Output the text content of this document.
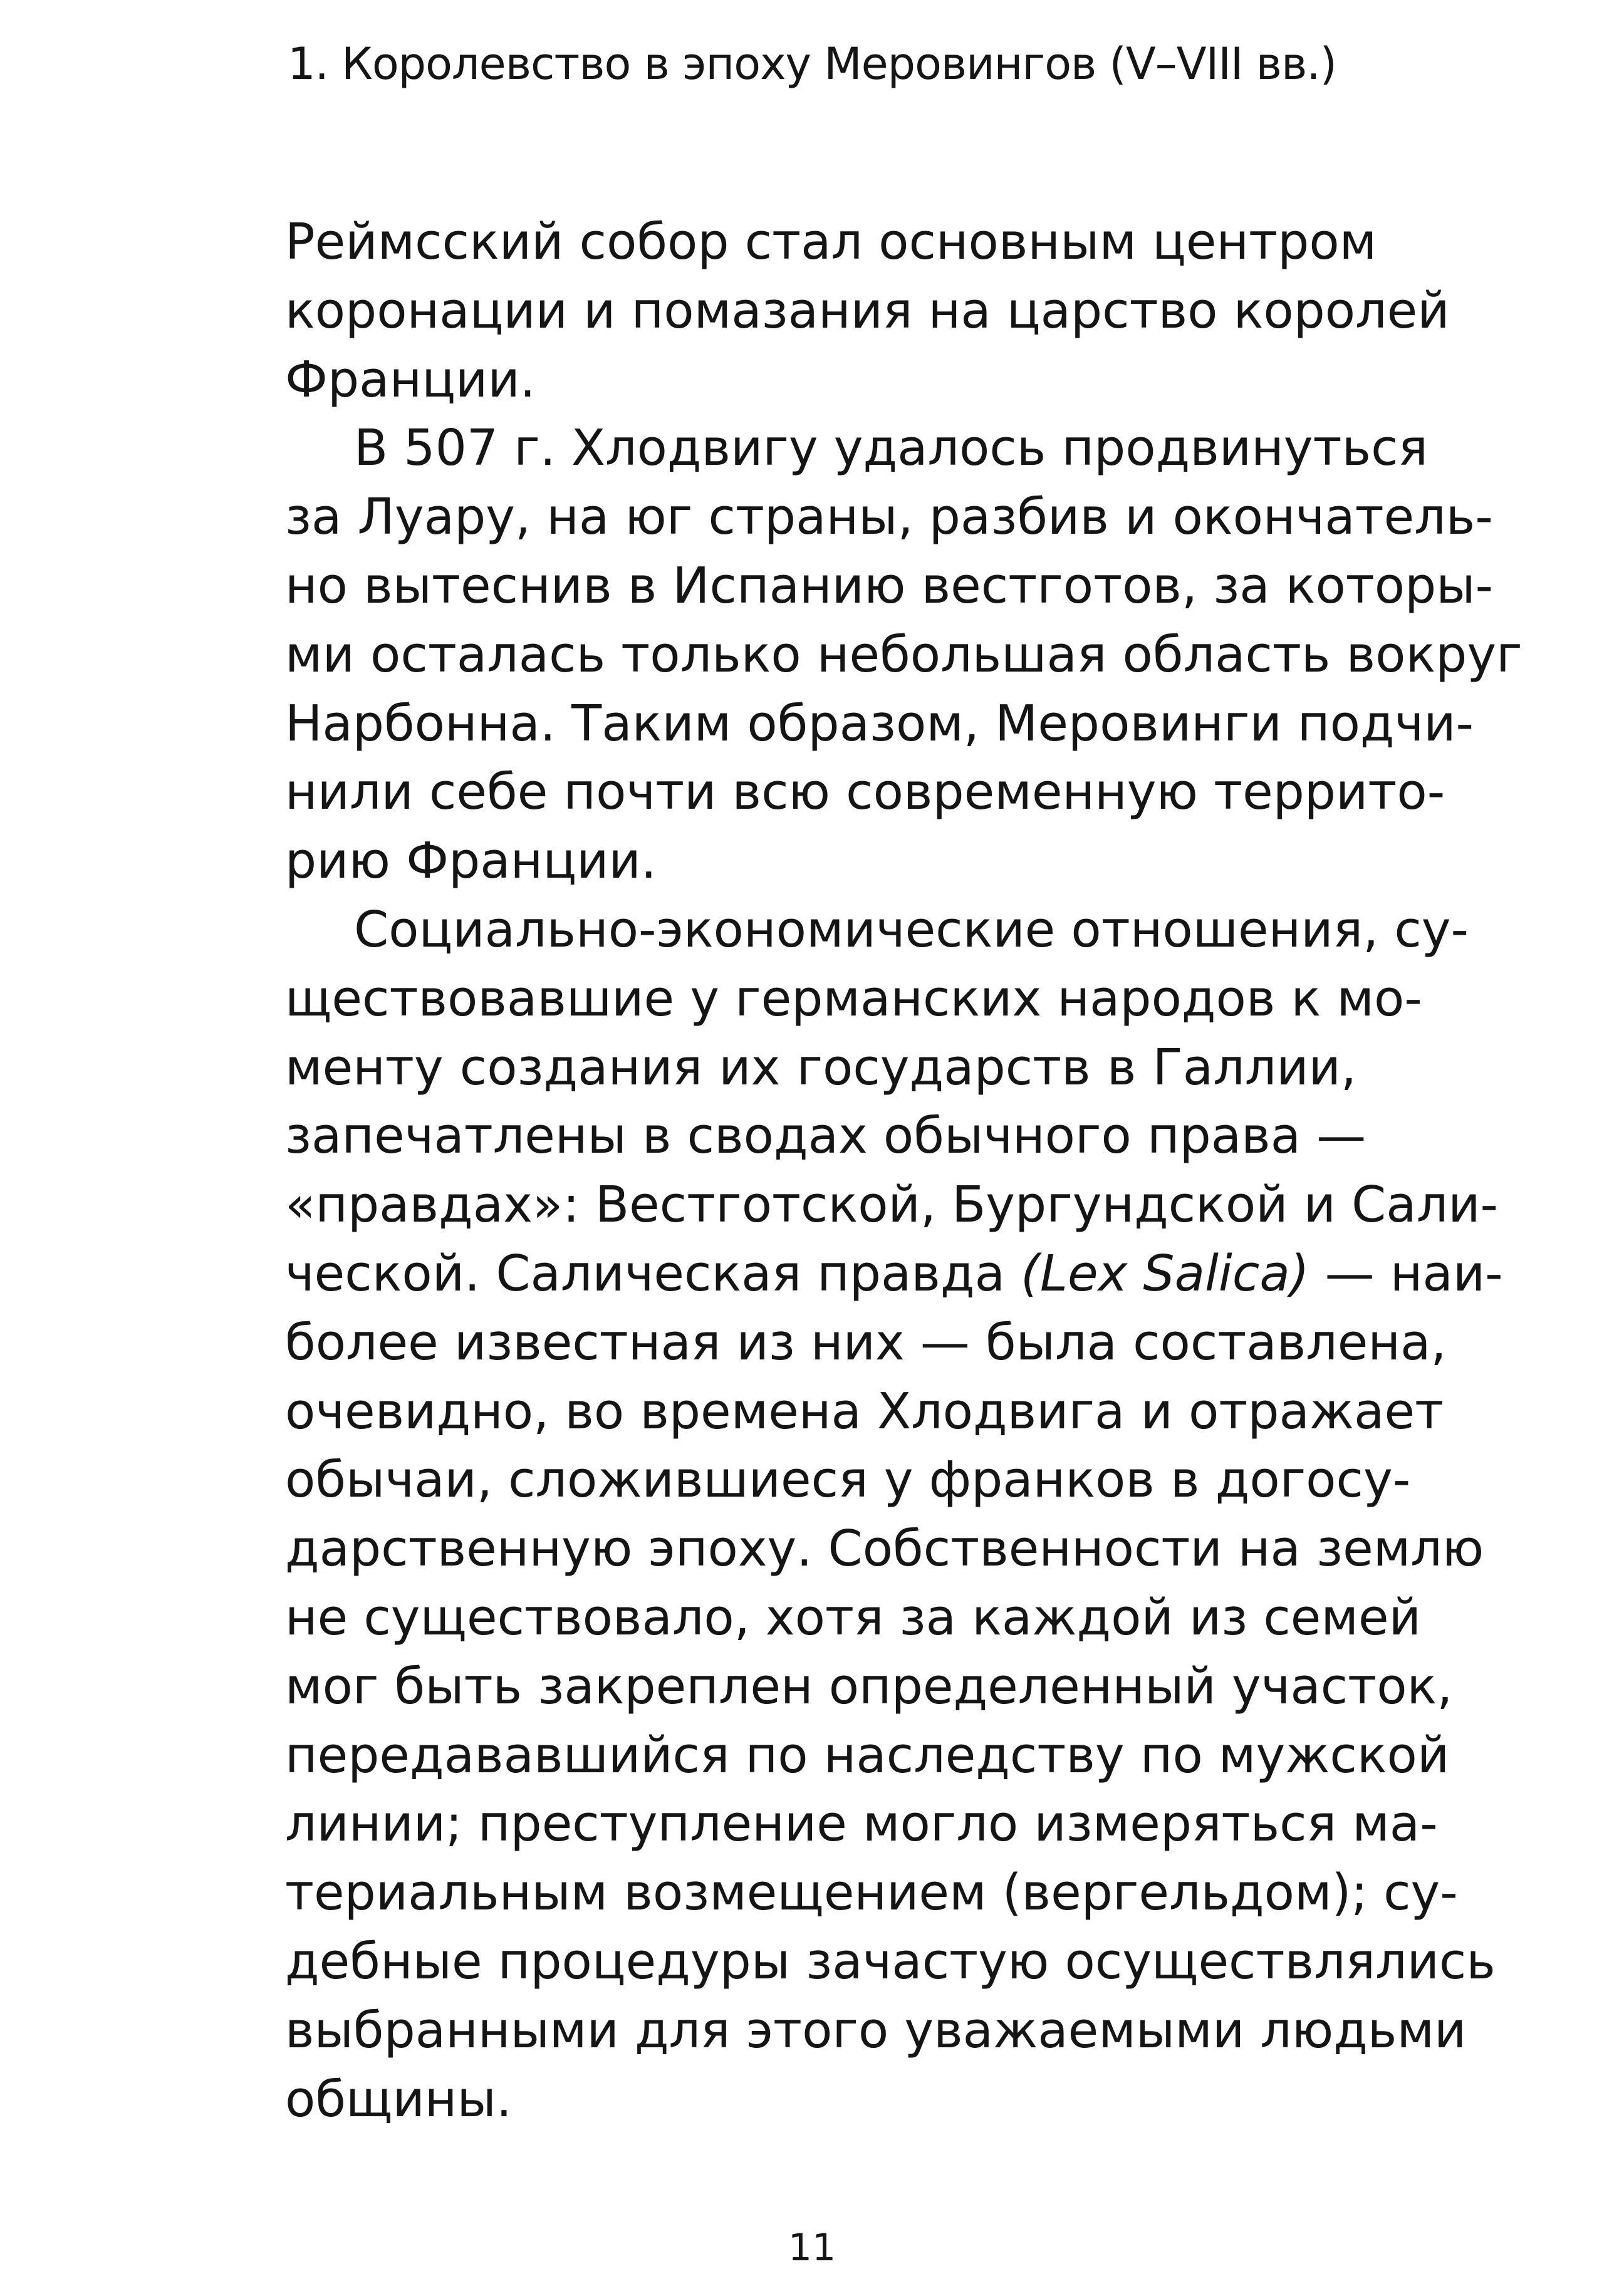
1. Королевство в эпоху Меровингов (V–VIII вв.)
Реймсский собор стал основным центром
коронации и помазания на царство королей
Франции.
В 507 г. Хлодвигу удалось продвинуться
за Луару, на юг страны, разбив и окончатель-
но вытеснив в Испанию вестготов, за которы-
ми осталась только небольшая область вокруг
Нарбонна. Таким образом, Меровинги подчи-
нили себе почти всю современную террито-
рию Франции.
Социально-экономические отношения, су-
ществовавшие у германских народов к мо-
менту создания их государств в Галлии,
запечатлены в сводах обычного права —
«правдах»: Вестготской, Бургундской и Сали-
ческой. Салическая правда (Lex Salica) — наи-
более известная из них — была составлена,
очевидно, во времена Хлодвига и отражает
обычаи, сложившиеся у франков в догосу-
дарственную эпоху. Собственности на землю
не существовало, хотя за каждой из семей
мог быть закреплен определенный участок,
передававшийся по наследству по мужской
линии; преступление могло измеряться ма-
териальным возмещением (вергельдом); су-
дебные процедуры зачастую осуществлялись
выбранными для этого уважаемыми людьми
общины.
11
